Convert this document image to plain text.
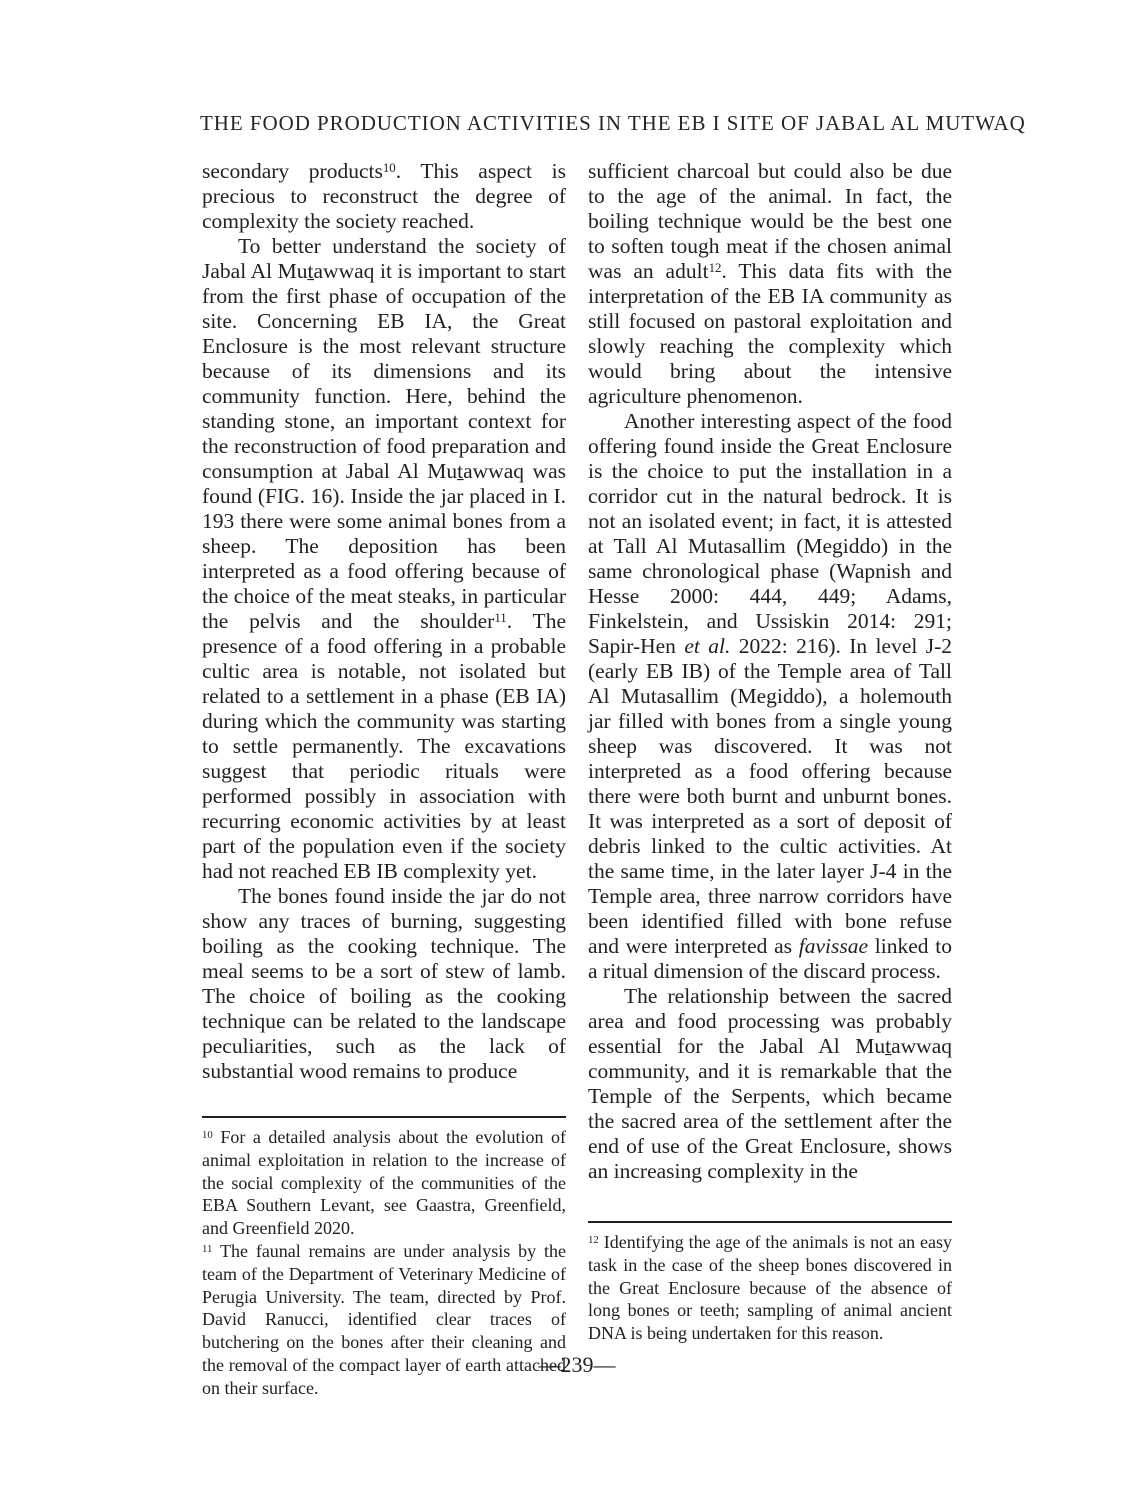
THE FOOD PRODUCTION ACTIVITIES IN THE EB I SITE OF JABAL AL MUTWAQ

secondary products$^{10}$. This aspect is precious to reconstruct the degree of complexity the society reached.

To better understand the society of Jabal Al Muṯawwaq it is important to start from the first phase of occupation of the site. Concerning EB IA, the Great Enclosure is the most relevant structure because of its dimensions and its community function. Here, behind the standing stone, an important context for the reconstruction of food preparation and consumption at Jabal Al Muṯawwaq was found (FIG. 16). Inside the jar placed in I. 193 there were some animal bones from a sheep. The deposition has been interpreted as a food offering because of the choice of the meat steaks, in particular the pelvis and the shoulder$^{11}$. The presence of a food offering in a probable cultic area is notable, not isolated but related to a settlement in a phase (EB IA) during which the community was starting to settle permanently. The excavations suggest that periodic rituals were performed possibly in association with recurring economic activities by at least part of the population even if the society had not reached EB IB complexity yet.

The bones found inside the jar do not show any traces of burning, suggesting boiling as the cooking technique. The meal seems to be a sort of stew of lamb. The choice of boiling as the cooking technique can be related to the landscape peculiarities, such as the lack of substantial wood remains to produce

sufficient charcoal but could also be due to the age of the animal. In fact, the boiling technique would be the best one to soften tough meat if the chosen animal was an adult$^{12}$. This data fits with the interpretation of the EB IA community as still focused on pastoral exploitation and slowly reaching the complexity which would bring about the intensive agriculture phenomenon.

Another interesting aspect of the food offering found inside the Great Enclosure is the choice to put the installation in a corridor cut in the natural bedrock. It is not an isolated event; in fact, it is attested at Tall Al Mutasallim (Megiddo) in the same chronological phase (Wapnish and Hesse 2000: 444, 449; Adams, Finkelstein, and Ussiskin 2014: 291; Sapir-Hen et al. 2022: 216). In level J-2 (early EB IB) of the Temple area of Tall Al Mutasallim (Megiddo), a holemouth jar filled with bones from a single young sheep was discovered. It was not interpreted as a food offering because there were both burnt and unburnt bones. It was interpreted as a sort of deposit of debris linked to the cultic activities. At the same time, in the later layer J-4 in the Temple area, three narrow corridors have been identified filled with bone refuse and were interpreted as favissae linked to a ritual dimension of the discard process.

The relationship between the sacred area and food processing was probably essential for the Jabal Al Muṯawwaq community, and it is remarkable that the Temple of the Serpents, which became the sacred area of the settlement after the end of use of the Great Enclosure, shows an increasing complexity in the

$^{10}$ For a detailed analysis about the evolution of animal exploitation in relation to the increase of the social complexity of the communities of the EBA Southern Levant, see Gaastra, Greenfield, and Greenfield 2020.

$^{11}$ The faunal remains are under analysis by the team of the Department of Veterinary Medicine of Perugia University. The team, directed by Prof. David Ranucci, identified clear traces of butchering on the bones after their cleaning and the removal of the compact layer of earth attached on their surface.

$^{12}$ Identifying the age of the animals is not an easy task in the case of the sheep bones discovered in the Great Enclosure because of the absence of long bones or teeth; sampling of animal ancient DNA is being undertaken for this reason.

—239—
